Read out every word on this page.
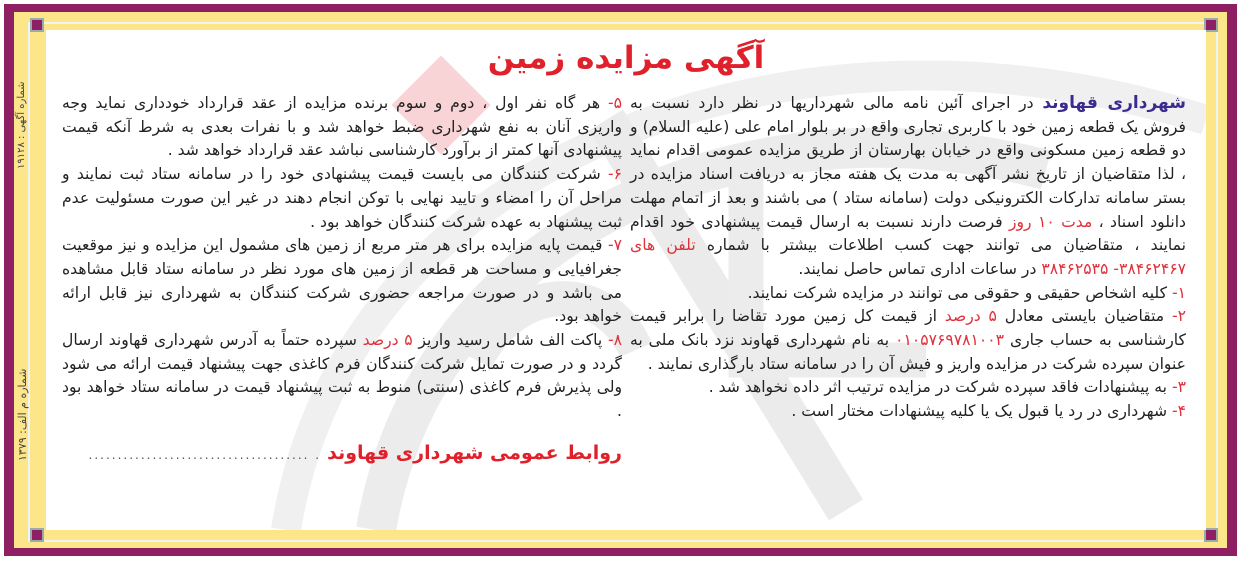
شماره آگهی : ۱۹۱۲۸
شماره م الف: ۱۳۷۹
آگهی مزایده زمین

شهرداری قهاوند در اجرای آئین نامه مالی شهرداریها در نظر دارد نسبت به فروش یک قطعه زمین خود با کاربری تجاری واقع در بر بلوار امام علی (علیه السلام) و دو قطعه زمین مسکونی واقع در خیابان بهارستان از طریق مزایده عمومی اقدام نماید ، لذا متقاضیان از تاریخ نشر آگهی به مدت یک هفته مجاز به دریافت اسناد مزایده در بستر سامانه تدارکات الکترونیکی دولت (سامانه ستاد ) می باشند و بعد از اتمام مهلت دانلود اسناد ، مدت ۱۰ روز فرصت دارند نسبت به ارسال قیمت پیشنهادی خود اقدام نمایند ، متقاضیان می توانند جهت کسب اطلاعات بیشتر با شماره تلفن های ۳۸۴۶۲۴۶۷- ۳۸۴۶۲۵۳۵ در ساعات اداری تماس حاصل نمایند.

۱- کلیه اشخاص حقیقی و حقوقی می توانند در مزایده شرکت نمایند.

۲- متقاضیان بایستی معادل ۵ درصد از قیمت کل زمین مورد تقاضا را برابر قیمت کارشناسی به حساب جاری ۰۱۰۵۷۶۹۷۸۱۰۰۳ به نام شهرداری قهاوند نزد بانک ملی به عنوان سپرده شرکت در مزایده واریز و فیش آن را در سامانه ستاد بارگذاری نمایند .

۳- به پیشنهادات فاقد سپرده شرکت در مزایده ترتیب اثر داده نخواهد شد .

۴- شهرداری در رد یا قبول یک یا کلیه پیشنهادات مختار است .

۵- هر گاه نفر اول ، دوم و سوم برنده مزایده از عقد قرارداد خودداری نماید وجه واریزی آنان به نفع شهرداری ضبط خواهد شد و با نفرات بعدی به شرط آنکه قیمت پیشنهادی آنها کمتر از برآورد کارشناسی نباشد عقد قرارداد خواهد شد .

۶- شرکت کنندگان می بایست قیمت پیشنهادی خود را در سامانه ستاد ثبت نمایند و مراحل آن را امضاء و تایید نهایی با توکن انجام دهند در غیر این صورت مسئولیت عدم ثبت پیشنهاد به عهده شرکت کنندگان خواهد بود .

۷- قیمت پایه مزایده برای هر متر مربع از زمین های مشمول این مزایده و نیز موقعیت جغرافیایی و مساحت هر قطعه از زمین های مورد نظر در سامانه ستاد قابل مشاهده می باشد و در صورت مراجعه حضوری شرکت کنندگان به شهرداری نیز قابل ارائه خواهد بود.

۸- پاکت الف شامل رسید واریز ۵ درصد سپرده حتماً به آدرس شهرداری قهاوند ارسال گردد و در صورت تمایل شرکت کنندگان فرم کاغذی جهت پیشنهاد قیمت ارائه می شود ولی پذیرش فرم کاغذی (سنتی) منوط به ثبت پیشنهاد قیمت در سامانه ستاد خواهد بود .

روابط عمومی شهرداری قهاوند
. ......................................
